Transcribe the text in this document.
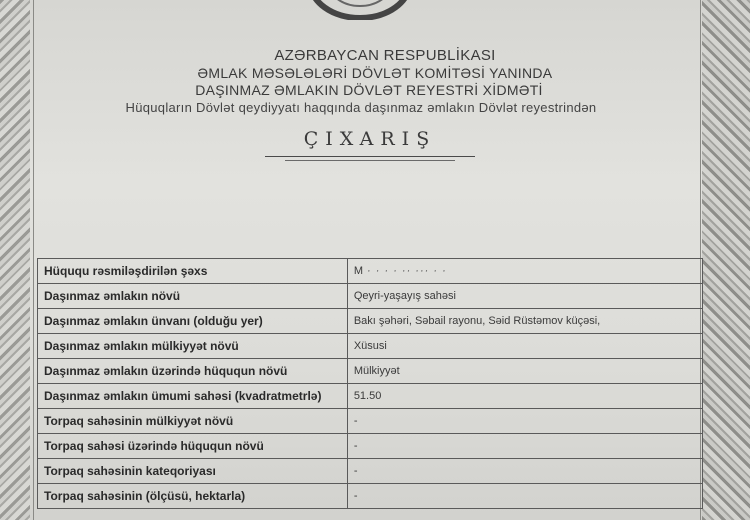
AZƏRBAYCAN RESPUBLİKASI
ƏMLAK MƏSƏLƏLƏRİ DÖVLƏT KOMİTƏSİ YANINDA
DAŞINMAZ ƏMLAKIN DÖVLƏT REYESTRİ XİDMƏTİ
Hüquqların Dövlət qeydiyyatı haqqında daşınmaz əmlakın Dövlət reyestrindən
ÇIXARIŞ
Hüququ rəsmiləşdirilən şəxs	M · · · · ·· ··· · ·
Daşınmaz əmlakın növü	Qeyri-yaşayış sahəsi
Daşınmaz əmlakın ünvanı (olduğu yer)	Bakı şəhəri, Səbail rayonu, Səid Rüstəmov küçəsi,
Daşınmaz əmlakın mülkiyyət növü	Xüsusi
Daşınmaz əmlakın üzərində hüququn növü	Mülkiyyət
Daşınmaz əmlakın ümumi sahəsi (kvadratmetrlə)	51.50
Torpaq sahəsinin mülkiyyət növü	-
Torpaq sahəsi üzərində hüququn növü	-
Torpaq sahəsinin kateqoriyası	-
Torpaq sahəsinin (ölçüsü, hektarla)	-
